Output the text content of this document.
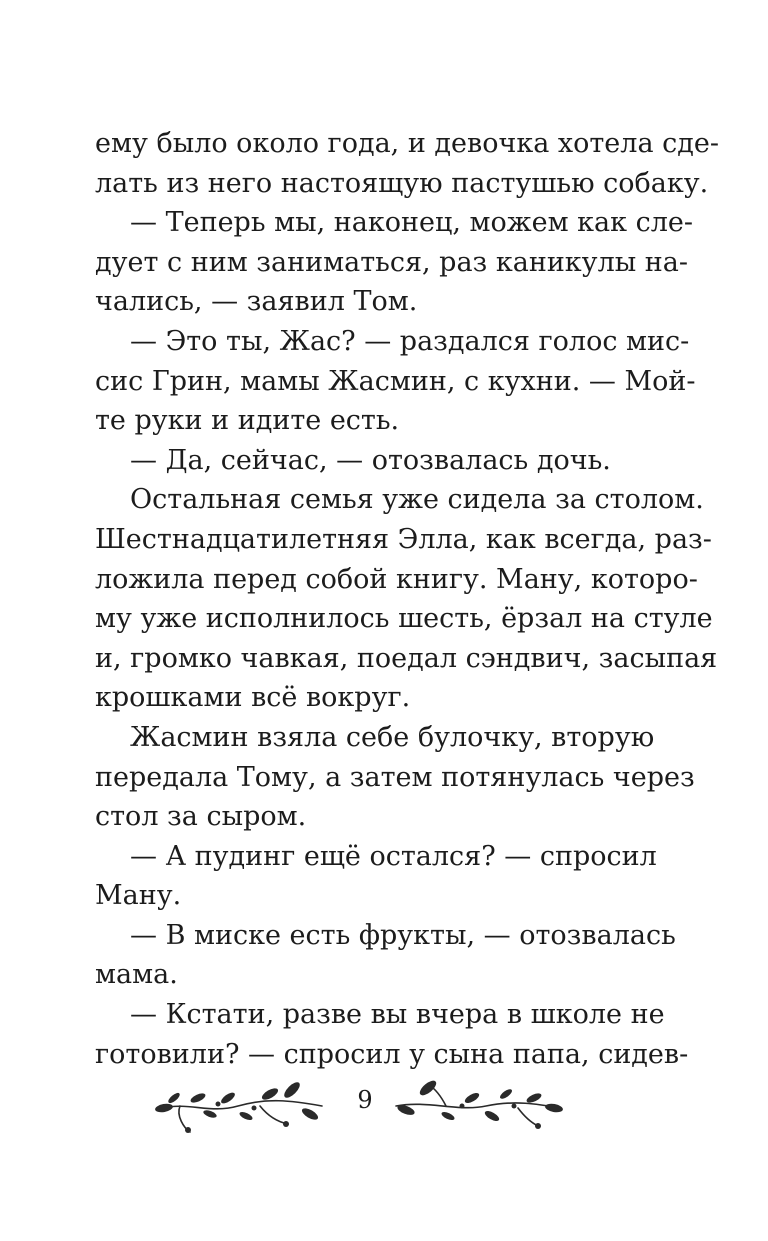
ему было около года, и девочка хотела сде-
лать из него настоящую пастушью собаку.
— Теперь мы, наконец, можем как сле-
дует с ним заниматься, раз каникулы на-
чались, — заявил Том.
— Это ты, Жас? — раздался голос мис-
сис Грин, мамы Жасмин, с кухни. — Мой-
те руки и идите есть.
— Да, сейчас, — отозвалась дочь.
Остальная семья уже сидела за столом.
Шестнадцатилетняя Элла, как всегда, раз-
ложила перед собой книгу. Ману, которо-
му уже исполнилось шесть, ёрзал на стуле
и, громко чавкая, поедал сэндвич, засыпая
крошками всё вокруг.
Жасмин взяла себе булочку, вторую
передала Тому, а затем потянулась через
стол за сыром.
— А пудинг ещё остался? — спросил
Ману.
— В миске есть фрукты, — отозвалась
мама.
— Кстати, разве вы вчера в школе не
готовили? — спросил у сына папа, сидев-
9
